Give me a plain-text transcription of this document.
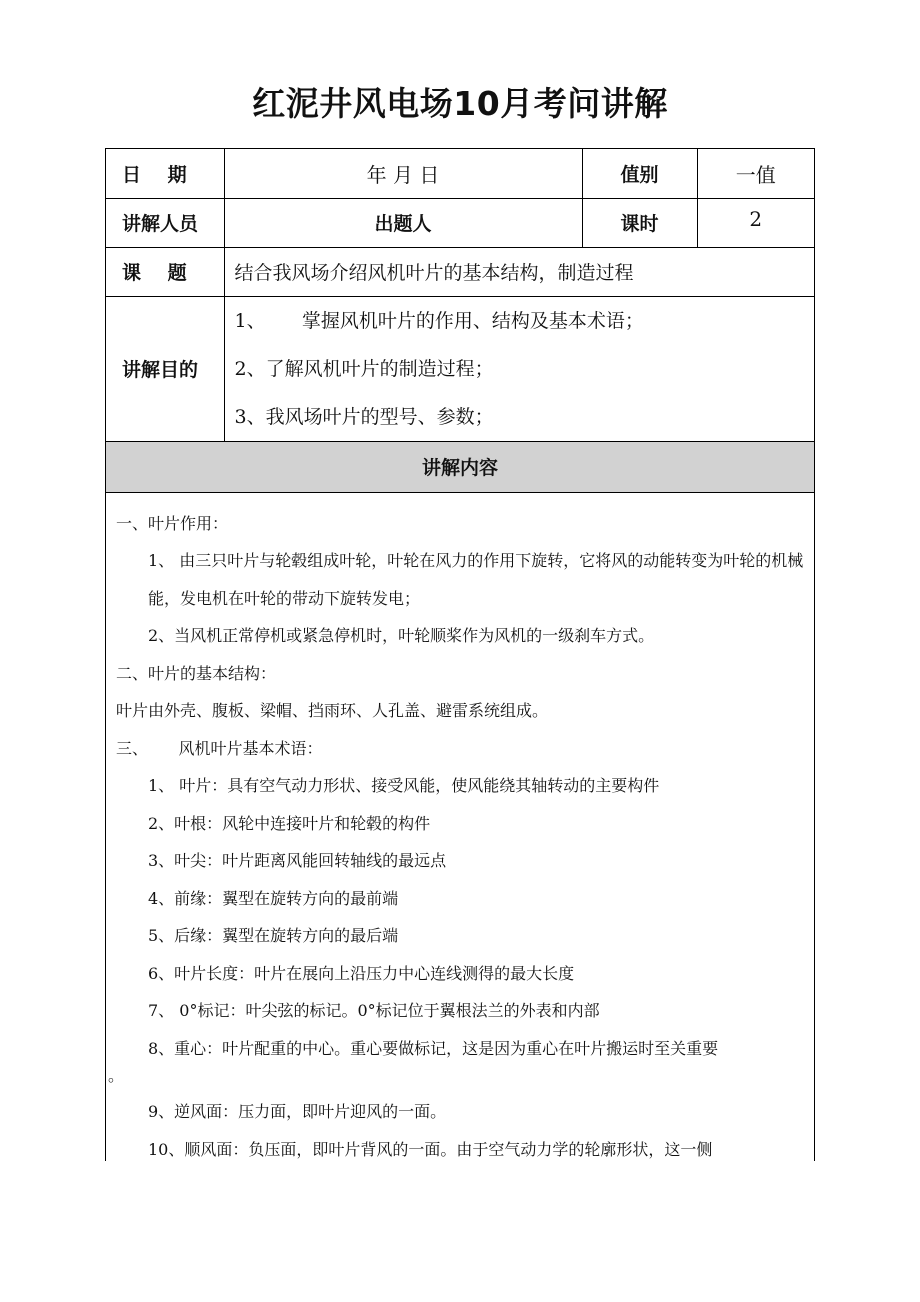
红泥井风电场10月考问讲解
日 期	年 月 日	值别	一值
讲解人员	出题人	课时	2
课 题	结合我风场介绍风机叶片的基本结构，制造过程		
讲解目的	1、      掌握风机叶片的作用、结构及基本术语；
2、了解风机叶片的制造过程；
3、我风场叶片的型号、参数；		

讲解内容			

一、叶片作用：

1、 由三只叶片与轮毂组成叶轮，叶轮在风力的作用下旋转，它将风的动能转变为叶轮的机械能，发电机在叶轮的带动下旋转发电；

2、当风机正常停机或紧急停机时，叶轮顺桨作为风机的一级刹车方式。

二、叶片的基本结构：

叶片由外壳、腹板、梁帽、挡雨环、人孔盖、避雷系统组成。

三、      风机叶片基本术语：

1、 叶片：具有空气动力形状、接受风能，使风能绕其轴转动的主要构件

2、叶根：风轮中连接叶片和轮毂的构件

3、叶尖：叶片距离风能回转轴线的最远点

4、前缘：翼型在旋转方向的最前端

5、后缘：翼型在旋转方向的最后端

6、叶片长度：叶片在展向上沿压力中心连线测得的最大长度

7、 0°标记：叶尖弦的标记。0°标记位于翼根法兰的外表和内部

8、重心：叶片配重的中心。重心要做标记，这是因为重心在叶片搬运时至关重要

。

9、逆风面：压力面，即叶片迎风的一面。

10、顺风面：负压面，即叶片背风的一面。由于空气动力学的轮廓形状，这一侧
